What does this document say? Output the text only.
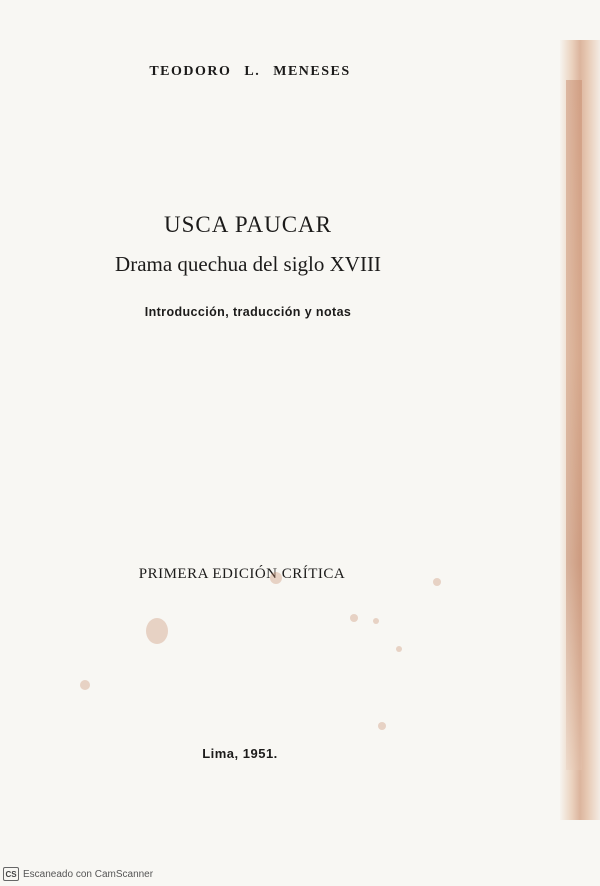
TEODORO L. MENESES
USCA PAUCAR
Drama quechua del siglo XVIII
Introducción, traducción y notas
PRIMERA EDICIÓN CRÍTICA
Lima, 1951.
CS Escaneado con CamScanner
